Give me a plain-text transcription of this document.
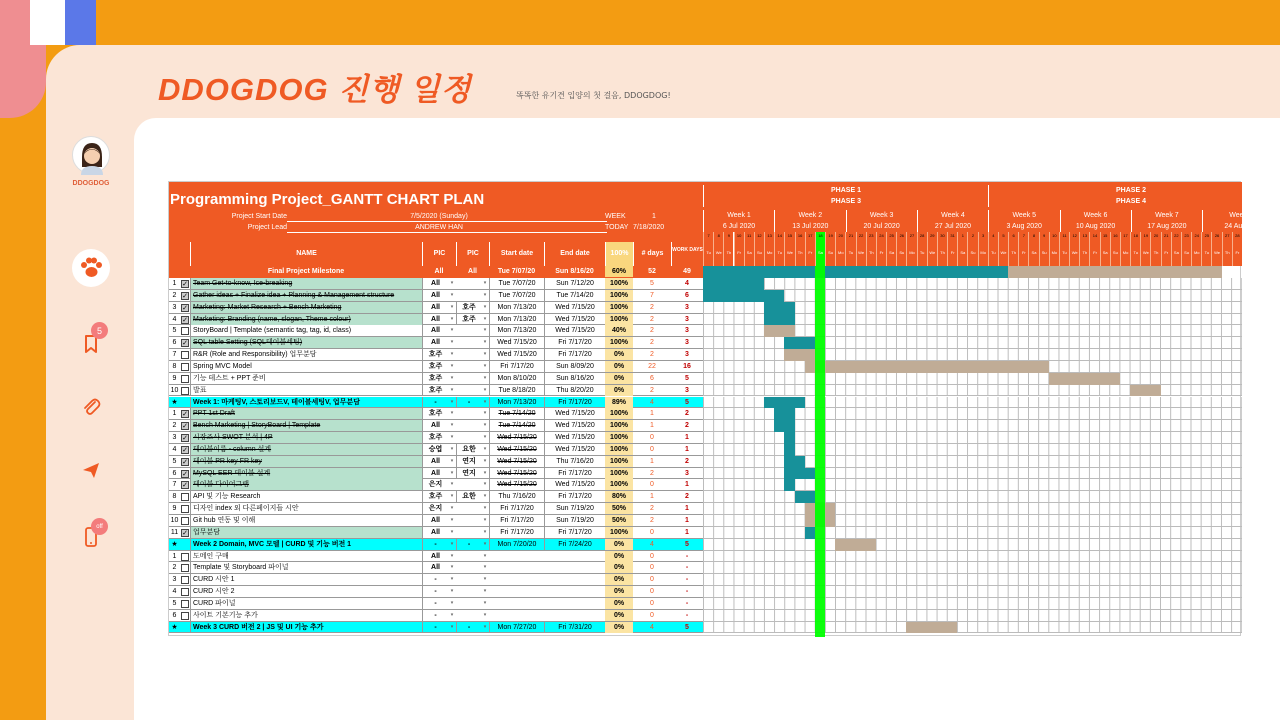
DDOGDOG 진행 일정	똑똑한 유기견 입양의 첫 걸음, DDOGDOG!
DDOGDOG
5
off
Programming Project_GANTT CHART PLAN
Project Start Date	7/5/2020 (Sunday)
Project Lead	ANDREW HAN
WEEK	1
TODAY 7/18/2020
NAME	PIC	PIC	Start date	End date	100%	# days	WORK DAYS
Final Project Milestone	All	All	Tue 7/07/20	Sun 8/16/20	60%	52	49
PHASE 1
PHASE 3
PHASE 2
PHASE 4
Week 1
6 Jul 2020
Week 2
13 Jul 2020
Week 3
20 Jul 2020
Week 4
27 Jul 2020
Week 5
3 Aug 2020
Week 6
10 Aug 2020
Week 7
17 Aug 2020
Week
24 Aug 2
7
Tu
8
We
9
Th
10
Fr
11
Sa
12
Su
13
Mo
14
Tu
15
We
16
Th
17
Fr
18
Sa
19
Su
20
Mo
21
Tu
22
We
23
Th
24
Fr
25
Sa
26
Su
27
Mo
28
Tu
29
We
30
Th
31
Fr
1
Sa
2
Su
3
Mo
4
Tu
5
We
6
Th
7
Fr
8
Sa
9
Su
10
Mo
11
Tu
12
We
13
Th
14
Fr
15
Sa
16
Su
17
Mo
18
Tu
19
We
20
Th
21
Fr
22
Sa
23
Su
24
Mo
25
Tu
26
We
27
Th
28
Fr
1 ✓ Team Get-to-know, Ice-breaking	All	▾	▾	Tue 7/07/20	Sun 7/12/20	100%	5	4
2 ✓ Gather ideas + Finalize idea + Planning & Management structure	All	▾	▾	Tue 7/07/20	Tue 7/14/20	100%	7	6
3 ✓ Marketing: Market Research + Bench Marketing	All	▾	호주	▾	Mon 7/13/20	Wed 7/15/20	100%	2	3
4 ✓ Marketing: Branding (name, slogan, Theme colour)	All	▾	호주	▾	Mon 7/13/20	Wed 7/15/20	100%	2	3
5	StoryBoard | Template (semantic tag, tag, id, class)	All	▾	▾	Mon 7/13/20	Wed 7/15/20	40%	2	3
6 ✓ SQL table Setting (SQL테이블세팅)	All	▾	▾	Wed 7/15/20	Fri 7/17/20	100%	2	3
7	R&R (Role and Responsibility) 업무분담	호주	▾	▾	Wed 7/15/20	Fri 7/17/20	0%	2	3
8	Spring MVC Model	호주	▾	▾	Fri 7/17/20	Sun 8/09/20	0%	22	16
9	기능 테스트 + PPT 준비	호주	▾	▾	Mon 8/10/20	Sun 8/16/20	0%	6	5
10	발표	호주	▾	▾	Tue 8/18/20	Thu 8/20/20	0%	2	3
★	Week 1: 마케팅V, 스토리보드V, 테이블세팅V, 업무분담	-	▾	-	▾	Mon 7/13/20	Fri 7/17/20	89%	4	5
1 ✓ PPT 1st Draft	호주	▾	▾	Tue 7/14/20	Wed 7/15/20	100%	1	2
2 ✓ Bench Marketing | StoryBoard | Template	All	▾	▾	Tue 7/14/20	Wed 7/15/20	100%	1	2
3 ✓ 시장조사 SWOT 분석 | 4P	호주	▾	▾	Wed 7/15/20	Wed 7/15/20	100%	0	1
4 ✓ 테이블이름 - column 설계	승엽	▾	요한	▾	Wed 7/15/20	Wed 7/15/20	100%	0	1
5 ✓ 테이블 PR key FR key	All	▾	연지	▾	Wed 7/15/20	Thu 7/16/20	100%	1	2
6 ✓ MySQL EER 테이블 설계	All	▾	연지	▾	Wed 7/15/20	Fri 7/17/20	100%	2	3
7 ✓ 테이블 다이어그램	은지	▾	▾	Wed 7/15/20	Wed 7/15/20	100%	0	1
8	API 및 기능 Research	호주	▾	요한	▾	Thu 7/16/20	Fri 7/17/20	80%	1	2
9	디자인 index 외 다른페이지들 시안	은지	▾	▾	Fri 7/17/20	Sun 7/19/20	50%	2	1
10	Git hub 연동 및 이해	All	▾	▾	Fri 7/17/20	Sun 7/19/20	50%	2	1
11 ✓ 업무분담	All	▾	▾	Fri 7/17/20	Fri 7/17/20	100%	0	1
★	Week 2 Domain, MVC 모델 | CURD 및 기능 버전 1	-	▾	-	▾	Mon 7/20/20	Fri 7/24/20	0%	4	5
1	도메인 구매	All	▾	▾	0%	0	-
2	Template 및 Storyboard 파이널	All	▾	▾	0%	0	-
3	CURD 시안 1	-	▾	▾	0%	0	-
4	CURD 시안 2	-	▾	▾	0%	0	-
5	CURD 파이널	-	▾	▾	0%	0	-
6	사이트 기본기능 추가	-	▾	▾	0%	0	-
★	Week 3 CURD 버전 2 | JS 및 UI 기능 추가	-	▾	-	▾	Mon 7/27/20	Fri 7/31/20	0%	4	5
